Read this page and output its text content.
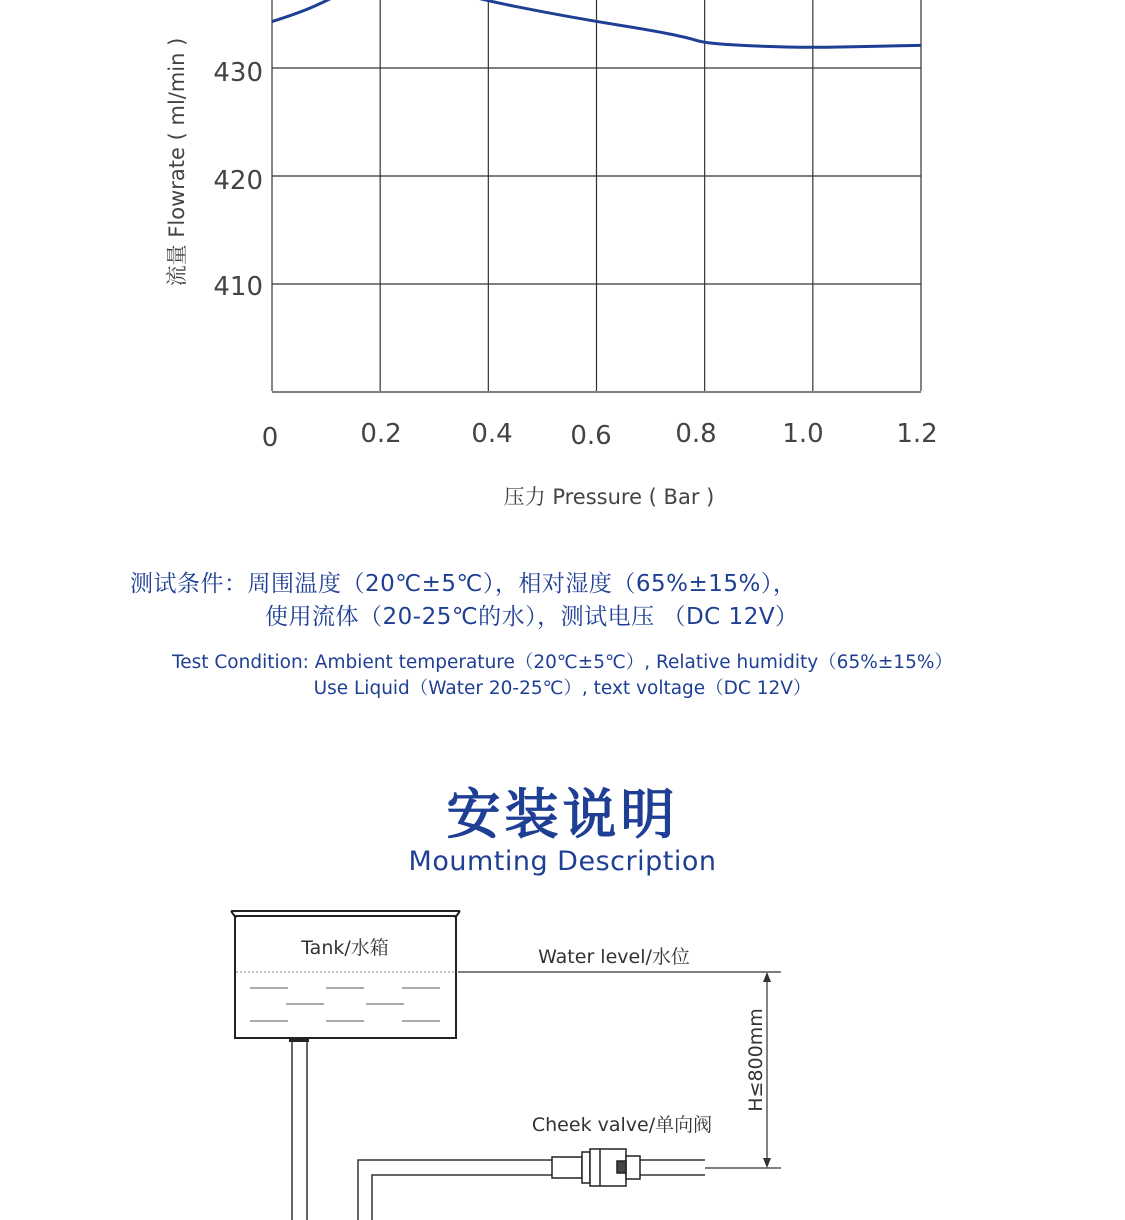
0	0.2	0.4 0.6 0.8	1.0	1.2
430
420
410
流量 Flowrate ( ml/min )
压力 Pressure ( Bar )
测试条件：周围温度（20℃±5℃），相对湿度（65%±15%），
使用流体（20-25℃的水），测试电压 （DC 12V）
Test Condition: Ambient temperature（20℃±5℃）, Relative humidity（65%±15%）
Use Liquid（Water 20-25℃）, text voltage（DC 12V）
安装说明
Moumting Description
Tank/水箱	Water level/水位
H≤800mm
Cheek valve/单向阀
